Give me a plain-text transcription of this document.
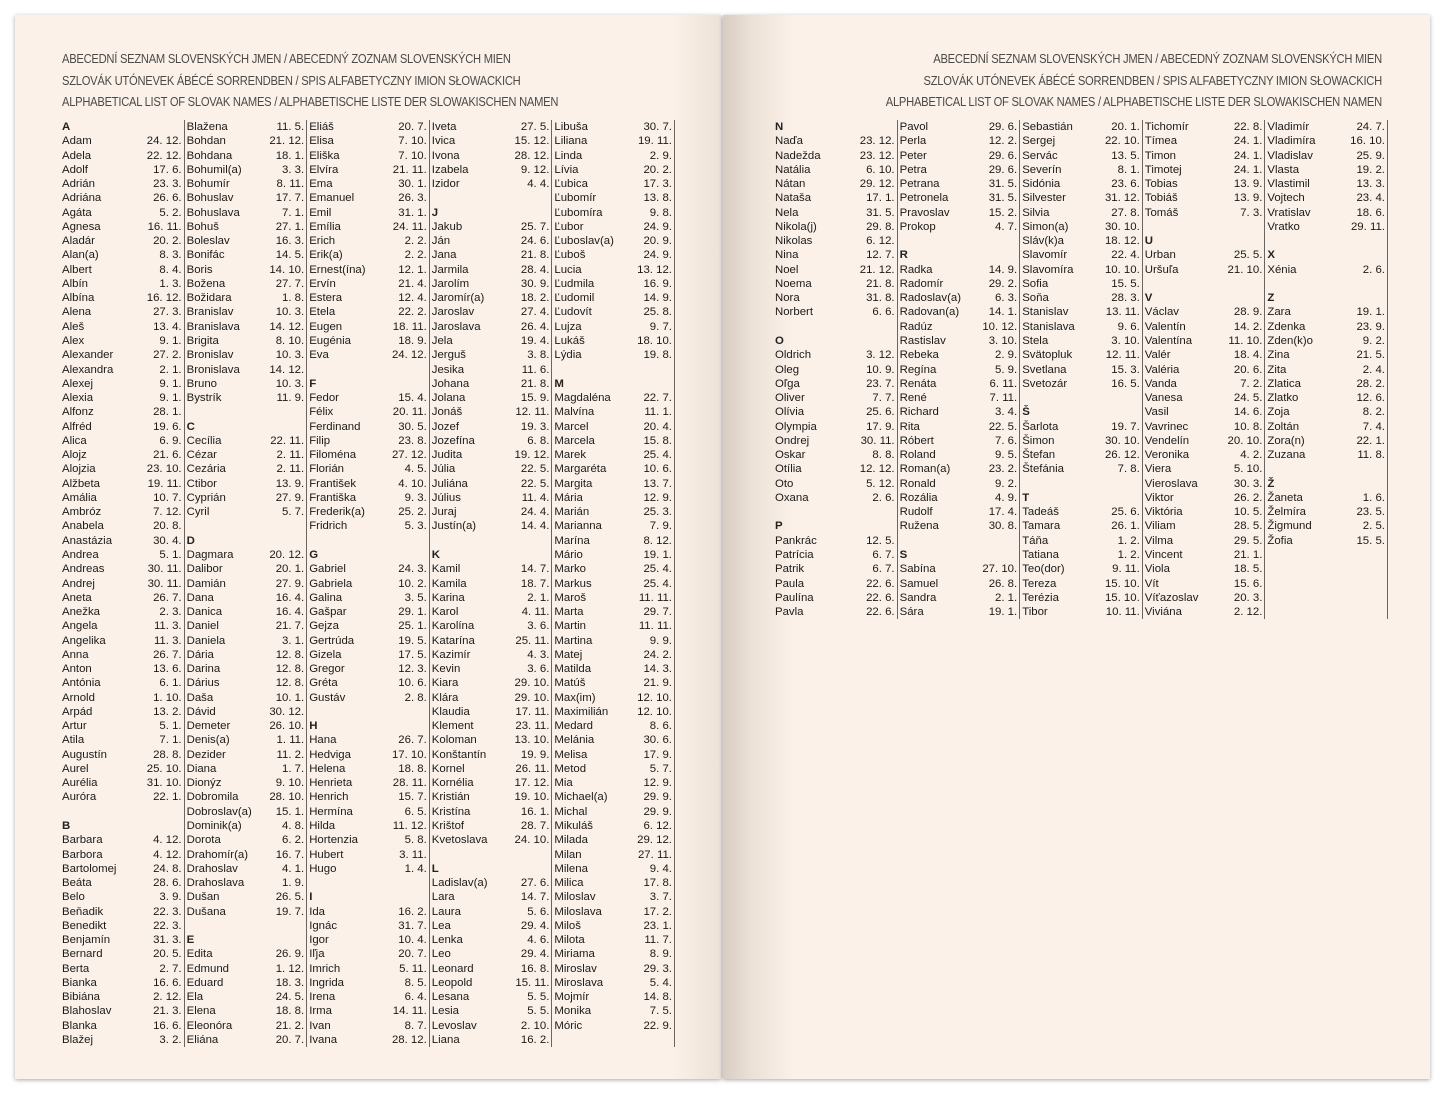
ABECEDNÍ SEZNAM SLOVENSKÝCH JMEN / ABECEDNÝ ZOZNAM SLOVENSKÝCH MIEN
SZLOVÁK UTÓNEVEK ÁBÉCÉ SORRENDBEN / SPIS ALFABETYCZNY IMION SŁOWACKICH
ALPHABETICAL LIST OF SLOVAK NAMES / ALPHABETISCHE LISTE DER SLOWAKISCHEN NAMEN
A
Adam	24. 12.
Adela	22. 12.
Adolf	17. 6.
Adrián	23. 3.
Adriána	26. 6.
Agáta	5. 2.
Agnesa	16. 11.
Aladár	20. 2.
Alan(a)	8. 3.
Albert	8. 4.
Albín	1. 3.
Albína	16. 12.
Alena	27. 3.
Aleš	13. 4.
Alex	9. 1.
Alexander	27. 2.
Alexandra	2. 1.
Alexej	9. 1.
Alexia	9. 1.
Alfonz	28. 1.
Alfréd	19. 6.
Alica	6. 9.
Alojz	21. 6.
Alojzia	23. 10.
Alžbeta	19. 11.
Amália	10. 7.
Ambróz	7. 12.
Anabela	20. 8.
Anastázia	30. 4.
Andrea	5. 1.
Andreas	30. 11.
Andrej	30. 11.
Aneta	26. 7.
Anežka	2. 3.
Angela	11. 3.
Angelika	11. 3.
Anna	26. 7.
Anton	13. 6.
Antónia	6. 1.
Arnold	1. 10.
Arpád	13. 2.
Artur	5. 1.
Atila	7. 1.
Augustín	28. 8.
Aurel	25. 10.
Aurélia	31. 10.
Auróra	22. 1.
B
Barbara	4. 12.
Barbora	4. 12.
Bartolomej	24. 8.
Beáta	28. 6.
Belo	3. 9.
Beňadik	22. 3.
Benedikt	22. 3.
Benjamín	31. 3.
Bernard	20. 5.
Berta	2. 7.
Bianka	16. 6.
Bibiána	2. 12.
Blahoslav	21. 3.
Blanka	16. 6.
Blažej	3. 2.
Blažena	11. 5.
Bohdan	21. 12.
Bohdana	18. 1.
Bohumil(a)	3. 3.
Bohumír	8. 11.
Bohuslav	17. 7.
Bohuslava	7. 1.
Bohuš	27. 1.
Boleslav	16. 3.
Bonifác	14. 5.
Boris	14. 10.
Božena	27. 7.
Božidara	1. 8.
Branislav	10. 3.
Branislava	14. 12.
Brigita	8. 10.
Bronislav	10. 3.
Bronislava	14. 12.
Bruno	10. 3.
Bystrík	11. 9.
C
Cecília	22. 11.
Cézar	2. 11.
Cezária	2. 11.
Ctibor	13. 9.
Cyprián	27. 9.
Cyril	5. 7.
D
Dagmara	20. 12.
Dalibor	20. 1.
Damián	27. 9.
Dana	16. 4.
Danica	16. 4.
Daniel	21. 7.
Daniela	3. 1.
Dária	12. 8.
Darina	12. 8.
Dárius	12. 8.
Daša	10. 1.
Dávid	30. 12.
Demeter	26. 10.
Denis(a)	1. 11.
Dezider	11. 2.
Diana	1. 7.
Dionýz	9. 10.
Dobromila	28. 10.
Dobroslav(a) 15. 1.
Dominik(a)	4. 8.
Dorota	6. 2.
Drahomír(a) 16. 7.
Drahoslav	4. 1.
Drahoslava	1. 9.
Dušan	26. 5.
Dušana	19. 7.
E
Edita	26. 9.
Edmund	1. 12.
Eduard	18. 3.
Ela	24. 5.
Elena	18. 8.
Eleonóra	21. 2.
Eliána	20. 7.
Eliáš	20. 7.
Elisa	7. 10.
Eliška	7. 10.
Elvíra	21. 11.
Ema	30. 1.
Emanuel	26. 3.
Emil	31. 1.
Emília	24. 11.
Erich	2. 2.
Erik(a)	2. 2.
Ernest(ína)	12. 1.
Ervín	21. 4.
Estera	12. 4.
Etela	22. 2.
Eugen	18. 11.
Eugénia	18. 9.
Eva	24. 12.
F
Fedor	15. 4.
Félix	20. 11.
Ferdinand	30. 5.
Filip	23. 8.
Filoména	27. 12.
Florián	4. 5.
František	4. 10.
Františka	9. 3.
Frederik(a)	25. 2.
Fridrich	5. 3.
G
Gabriel	24. 3.
Gabriela	10. 2.
Galina	3. 5.
Gašpar	29. 1.
Gejza	25. 1.
Gertrúda	19. 5.
Gizela	17. 5.
Gregor	12. 3.
Gréta	10. 6.
Gustáv	2. 8.
H
Hana	26. 7.
Hedviga	17. 10.
Helena	18. 8.
Henrieta	28. 11.
Henrich	15. 7.
Hermína	6. 5.
Hilda	11. 12.
Hortenzia	5. 8.
Hubert	3. 11.
Hugo	1. 4.
I
Ida	16. 2.
Ignác	31. 7.
Igor	10. 4.
Iľja	20. 7.
Imrich	5. 11.
Ingrida	8. 5.
Irena	6. 4.
Irma	14. 11.
Ivan	8. 7.
Ivana	28. 12.
Iveta	27. 5.
Ivica	15. 12.
Ivona	28. 12.
Izabela	9. 12.
Izidor	4. 4.
J
Jakub	25. 7.
Ján	24. 6.
Jana	21. 8.
Jarmila	28. 4.
Jarolím	30. 9.
Jaromír(a)	18. 2.
Jaroslav	27. 4.
Jaroslava	26. 4.
Jela	19. 4.
Jerguš	3. 8.
Jesika	11. 6.
Johana	21. 8.
Jolana	15. 9.
Jonáš	12. 11.
Jozef	19. 3.
Jozefína	6. 8.
Judita	19. 12.
Júlia	22. 5.
Juliána	22. 5.
Július	11. 4.
Juraj	24. 4.
Justín(a)	14. 4.
K
Kamil	14. 7.
Kamila	18. 7.
Karina	2. 1.
Karol	4. 11.
Karolína	3. 6.
Katarína	25. 11.
Kazimír	4. 3.
Kevin	3. 6.
Kiara	29. 10.
Klára	29. 10.
Klaudia	17. 11.
Klement	23. 11.
Koloman	13. 10.
Konštantín	19. 9.
Kornel	26. 11.
Kornélia	17. 12.
Kristián	19. 10.
Kristína	16. 1.
Krištof	28. 7.
Kvetoslava 24. 10.
L
Ladislav(a)	27. 6.
Lara	14. 7.
Laura	5. 6.
Lea	29. 4.
Lenka	4. 6.
Leo	29. 4.
Leonard	16. 8.
Leopold	15. 11.
Lesana	5. 5.
Lesia	5. 5.
Levoslav	2. 10.
Liana	16. 2.
Libuša	30. 7.
Liliana	19. 11.
Linda	2. 9.
Lívia	20. 2.
Ľubica	17. 3.
Ľubomír	13. 8.
Ľubomíra	9. 8.
Ľubor	24. 9.
Ľuboslav(a)	20. 9.
Ľuboš	24. 9.
Lucia	13. 12.
Ľudmila	16. 9.
Ľudomil	14. 9.
Ľudovít	25. 8.
Lujza	9. 7.
Lukáš	18. 10.
Lýdia	19. 8.
M
Magdaléna	22. 7.
Malvína	11. 1.
Marcel	20. 4.
Marcela	15. 8.
Marek	25. 4.
Margaréta	10. 6.
Margita	13. 7.
Mária	12. 9.
Marián	25. 3.
Marianna	7. 9.
Marína	8. 12.
Mário	19. 1.
Marko	25. 4.
Markus	25. 4.
Maroš	11. 11.
Marta	29. 7.
Martin	11. 11.
Martina	9. 9.
Matej	24. 2.
Matilda	14. 3.
Matúš	21. 9.
Max(im)	12. 10.
Maximilián	12. 10.
Medard	8. 6.
Melánia	30. 6.
Melisa	17. 9.
Metod	5. 7.
Mia	12. 9.
Michael(a)	29. 9.
Michal	29. 9.
Mikuláš	6. 12.
Milada	29. 12.
Milan	27. 11.
Milena	9. 4.
Milica	17. 8.
Miloslav	3. 7.
Miloslava	17. 2.
Miloš	23. 1.
Milota	11. 7.
Miriama	8. 9.
Miroslav	29. 3.
Miroslava	5. 4.
Mojmír	14. 8.
Monika	7. 5.
Móric	22. 9.
ABECEDNÍ SEZNAM SLOVENSKÝCH JMEN / ABECEDNÝ ZOZNAM SLOVENSKÝCH MIEN
SZLOVÁK UTÓNEVEK ÁBÉCÉ SORRENDBEN / SPIS ALFABETYCZNY IMION SŁOWACKICH
ALPHABETICAL LIST OF SLOVAK NAMES / ALPHABETISCHE LISTE DER SLOWAKISCHEN NAMEN
N
Naďa	23. 12.
Nadežda	23. 12.
Natália	6. 10.
Nátan	29. 12.
Nataša	17. 1.
Nela	31. 5.
Nikola(j)	29. 8.
Nikolas	6. 12.
Nina	12. 7.
Noel	21. 12.
Noema	21. 8.
Nora	31. 8.
Norbert	6. 6.
O
Oldrich	3. 12.
Oleg	10. 9.
Oľga	23. 7.
Oliver	7. 7.
Olívia	25. 6.
Olympia	17. 9.
Ondrej	30. 11.
Oskar	8. 8.
Otília	12. 12.
Oto	5. 12.
Oxana	2. 6.
P
Pankrác	12. 5.
Patrícia	6. 7.
Patrik	6. 7.
Paula	22. 6.
Paulína	22. 6.
Pavla	22. 6.
Pavol	29. 6.
Perla	12. 2.
Peter	29. 6.
Petra	29. 6.
Petrana	31. 5.
Petronela	31. 5.
Pravoslav	15. 2.
Prokop	4. 7.
R
Radka	14. 9.
Radomír	29. 2.
Radoslav(a)	6. 3.
Radovan(a)	14. 1.
Radúz	10. 12.
Rastislav	3. 10.
Rebeka	2. 9.
Regína	5. 9.
Renáta	6. 11.
René	7. 11.
Richard	3. 4.
Rita	22. 5.
Róbert	7. 6.
Roland	9. 5.
Roman(a)	23. 2.
Ronald	9. 2.
Rozália	4. 9.
Rudolf	17. 4.
Ružena	30. 8.
S
Sabína	27. 10.
Samuel	26. 8.
Sandra	2. 1.
Sára	19. 1.
Sebastián	20. 1.
Sergej	22. 10.
Servác	13. 5.
Severín	8. 1.
Sidónia	23. 6.
Silvester	31. 12.
Silvia	27. 8.
Simon(a)	30. 10.
Sláv(k)a	18. 12.
Slavomír	22. 4.
Slavomíra	10. 10.
Sofia	15. 5.
Soňa	28. 3.
Stanislav	13. 11.
Stanislava	9. 6.
Stela	3. 10.
Svätopluk	12. 11.
Svetlana	15. 3.
Svetozár	16. 5.
Š
Šarlota	19. 7.
Šimon	30. 10.
Štefan	26. 12.
Štefánia	7. 8.
T
Tadeáš	25. 6.
Tamara	26. 1.
Táňa	1. 2.
Tatiana	1. 2.
Teo(dor)	9. 11.
Tereza	15. 10.
Terézia	15. 10.
Tibor	10. 11.
Tichomír	22. 8.
Tímea	24. 1.
Timon	24. 1.
Timotej	24. 1.
Tobias	13. 9.
Tobiáš	13. 9.
Tomáš	7. 3.
U
Urban	25. 5.
Uršuľa	21. 10.
V
Václav	28. 9.
Valentín	14. 2.
Valentína	11. 10.
Valér	18. 4.
Valéria	20. 6.
Vanda	7. 2.
Vanesa	24. 5.
Vasil	14. 6.
Vavrinec	10. 8.
Vendelín	20. 10.
Veronika	4. 2.
Viera	5. 10.
Vieroslava	30. 3.
Viktor	26. 2.
Viktória	10. 5.
Viliam	28. 5.
Vilma	29. 5.
Vincent	21. 1.
Viola	18. 5.
Vít	15. 6.
Víťazoslav	20. 3.
Viviána	2. 12.
Vladimír	24. 7.
Vladimíra	16. 10.
Vladislav	25. 9.
Vlasta	19. 2.
Vlastimil	13. 3.
Vojtech	23. 4.
Vratislav	18. 6.
Vratko	29. 11.
X
Xénia	2. 6.
Z
Zara	19. 1.
Zdenka	23. 9.
Zden(k)o	9. 2.
Zina	21. 5.
Zita	2. 4.
Zlatica	28. 2.
Zlatko	12. 6.
Zoja	8. 2.
Zoltán	7. 4.
Zora(n)	22. 1.
Zuzana	11. 8.
Ž
Žaneta	1. 6.
Želmíra	23. 5.
Žigmund	2. 5.
Žofia	15. 5.
